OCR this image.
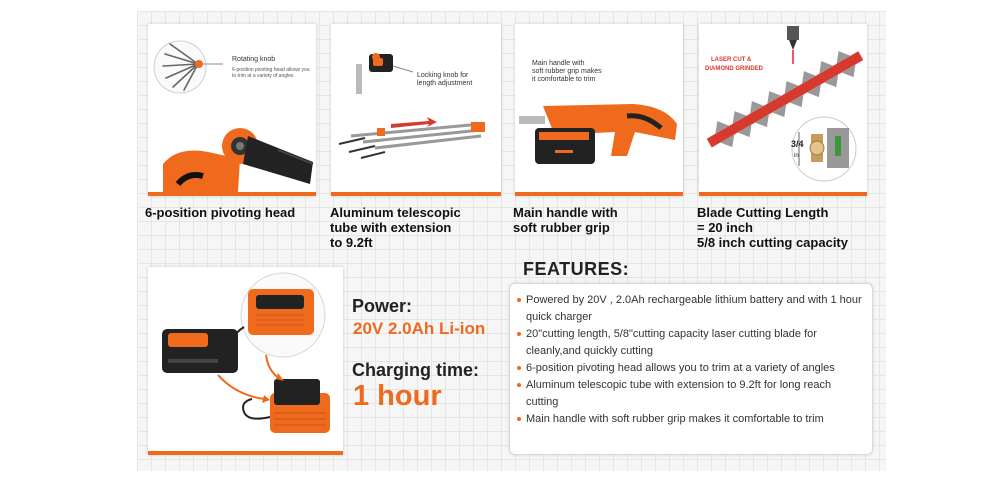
Rotating knob
6-position pivoting head allows you to trim at a variety of angles
6-position pivoting head
Locking knob for
length adjustment
Aluminum telescopic
tube with extension
to 9.2ft
Main handle with
soft rubber grip makes
it comfortable to trim
Main handle with
soft rubber grip
LASER CUT &
DIAMOND GRINDED
3/4
in
Blade Cutting Length
= 20 inch
5/8 inch cutting capacity
Power:
20V 2.0Ah Li-ion
Charging time:
1 hour
FEATURES:
Powered by 20V , 2.0Ah rechargeable lithium battery and with 1 hour quick charger
20"cutting length, 5/8"cutting capacity laser cutting blade for cleanly,and quickly cutting
6-position pivoting head allows you to trim at a variety of angles
Aluminum telescopic tube with extension to 9.2ft for long reach cutting
Main handle with soft rubber grip makes it comfortable to trim
